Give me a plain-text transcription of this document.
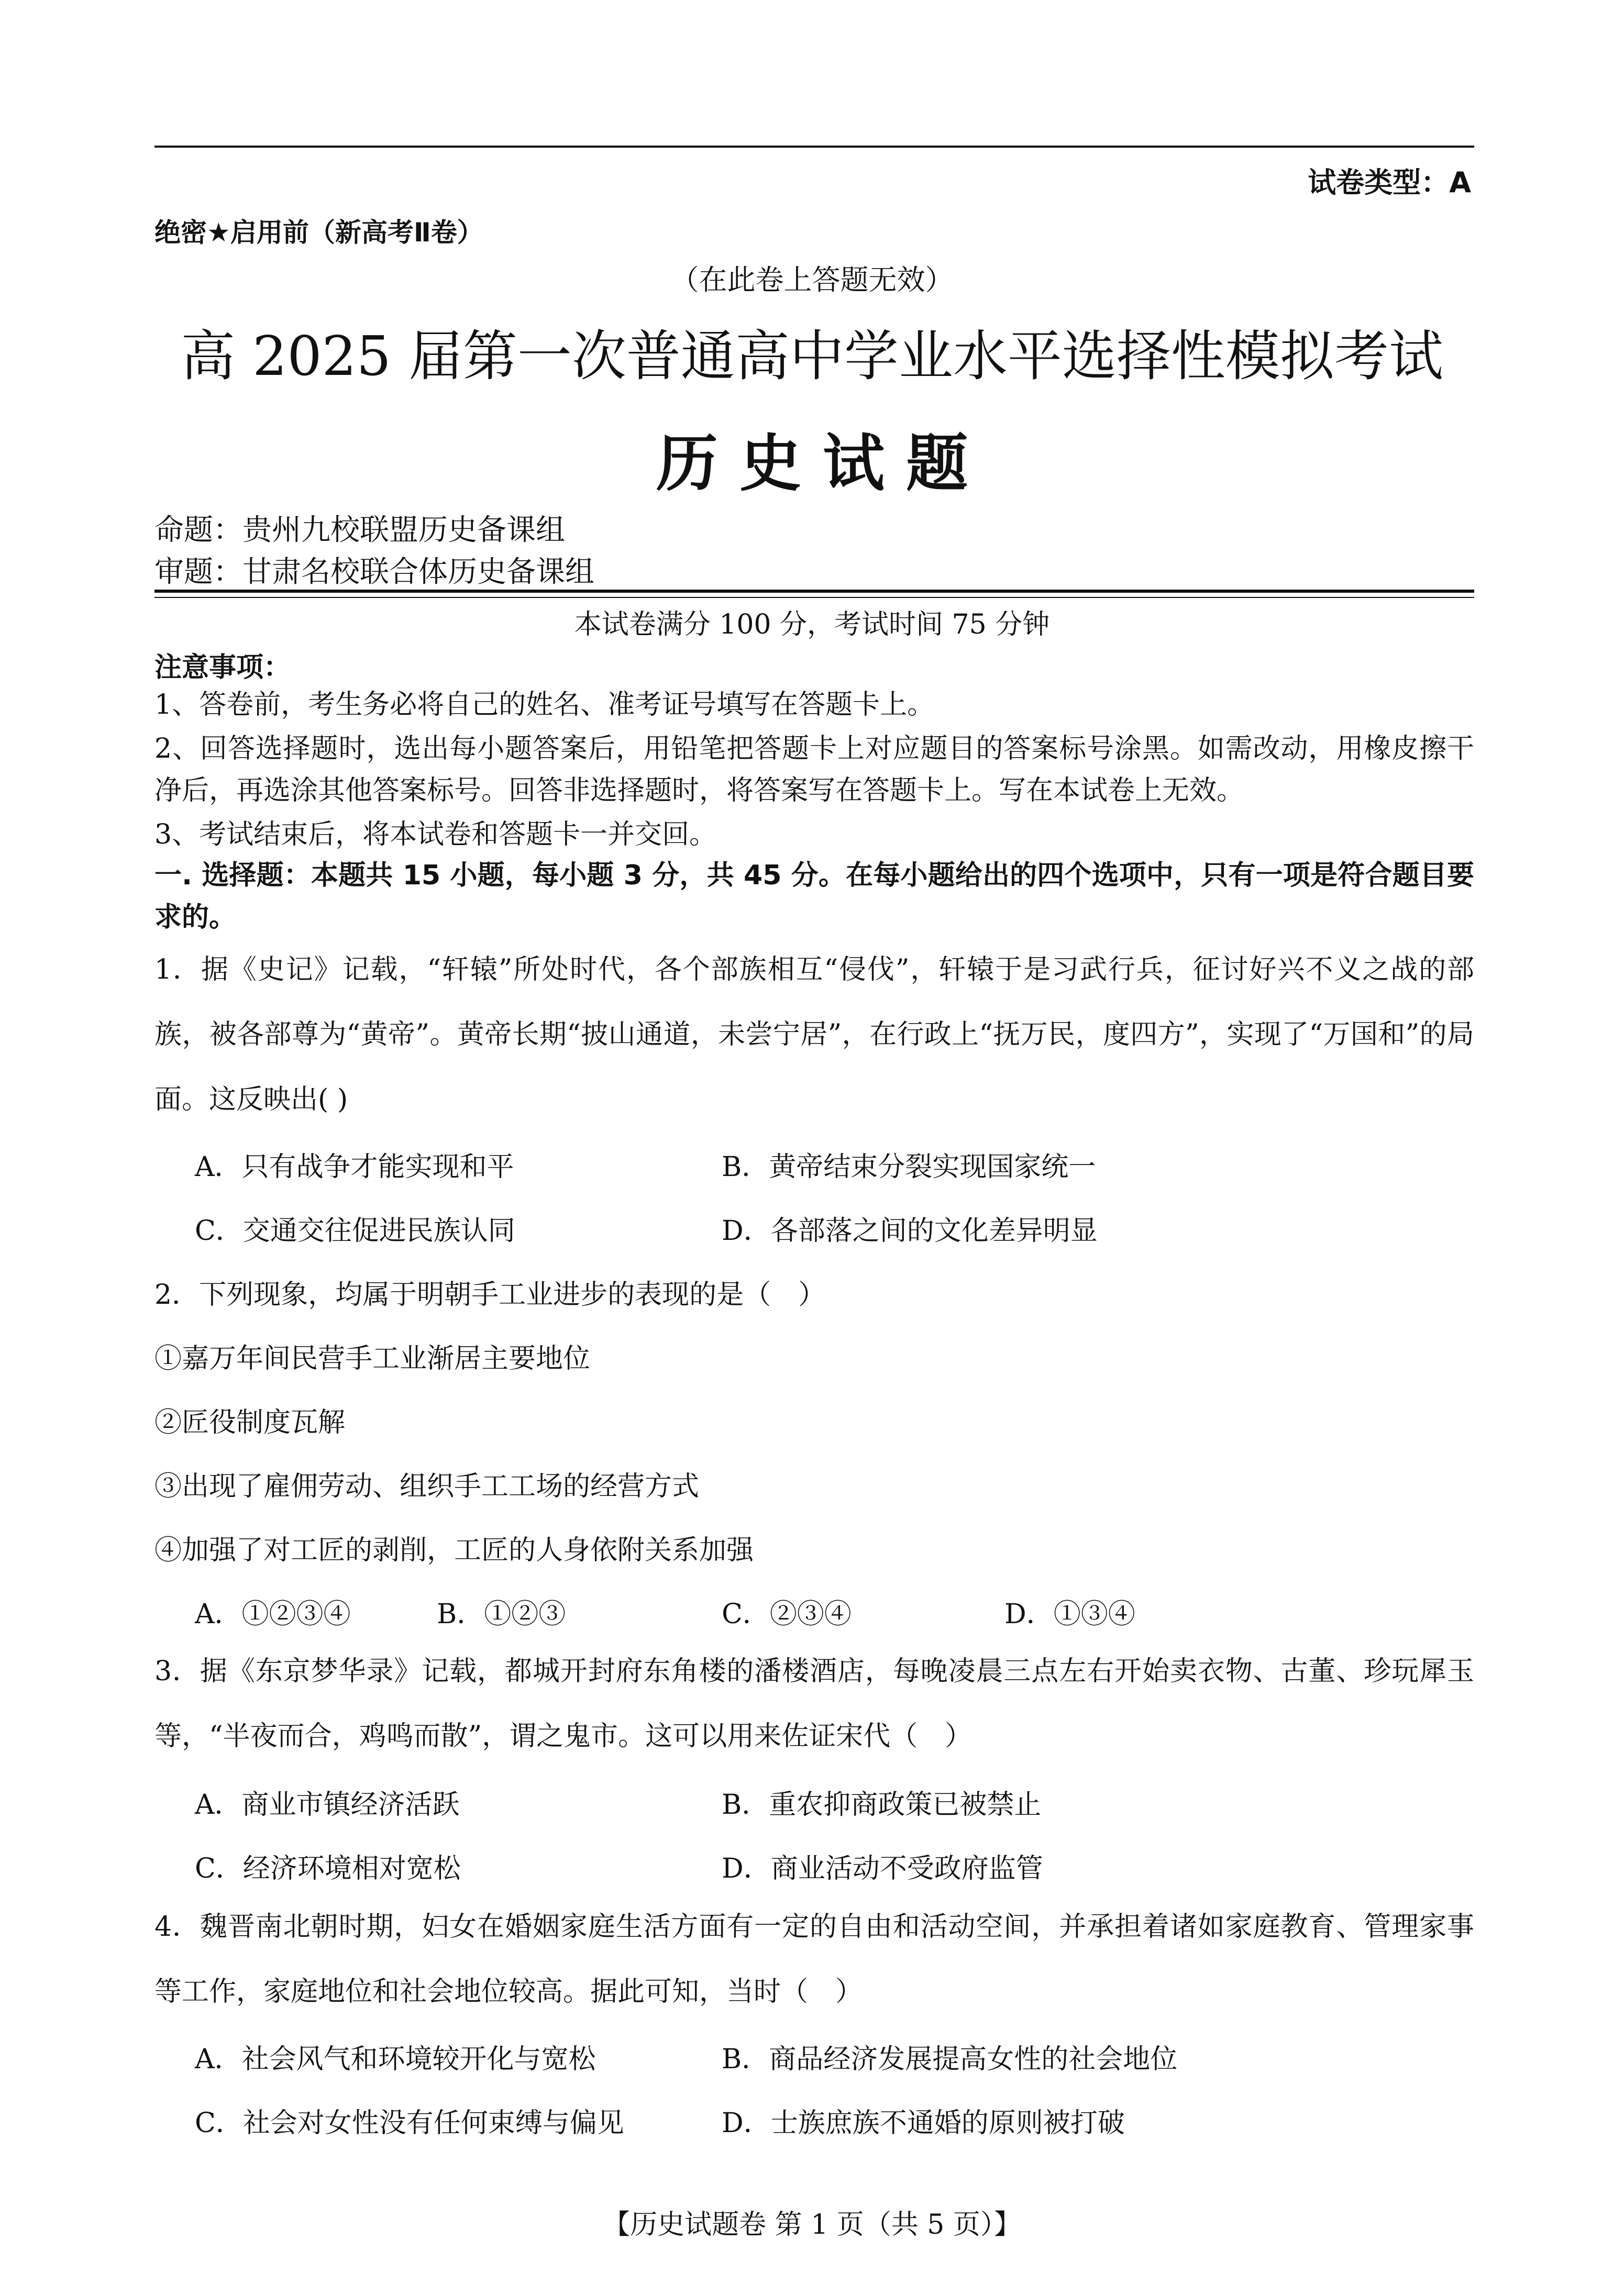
试卷类型：A
绝密★启用前（新高考Ⅱ卷）
（在此卷上答题无效）
高 2025 届第一次普通高中学业水平选择性模拟考试
历 史 试 题
命题：贵州九校联盟历史备课组
审题：甘肃名校联合体历史备课组
本试卷满分 100 分，考试时间 75 分钟
注意事项：

1、答卷前，考生务必将自己的姓名、准考证号填写在答题卡上。

2、回答选择题时，选出每小题答案后，用铅笔把答题卡上对应题目的答案标号涂黑。如需改动，用橡皮擦干净后，再选涂其他答案标号。回答非选择题时，将答案写在答题卡上。写在本试卷上无效。

3、考试结束后，将本试卷和答题卡一并交回。

一. 选择题：本题共 15 小题，每小题 3 分，共 45 分。在每小题给出的四个选项中，只有一项是符合题目要求的。

1．据《史记》记载，“轩辕”所处时代，各个部族相互“侵伐”，轩辕于是习武行兵，征讨好兴不义之战的部族，被各部尊为“黄帝”。黄帝长期“披山通道，未尝宁居”，在行政上“抚万民，度四方”，实现了“万国和”的局面。这反映出( )

A．只有战争才能实现和平	B．黄帝结束分裂实现国家统一
C．交通交往促进民族认同	D．各部落之间的文化差异明显
2．下列现象，均属于明朝手工业进步的表现的是（　）
①嘉万年间民营手工业渐居主要地位
②匠役制度瓦解
③出现了雇佣劳动、组织手工工场的经营方式
④加强了对工匠的剥削，工匠的人身依附关系加强
A．①②③④	B．①②③	C．②③④	D．①③④

3．据《东京梦华录》记载，都城开封府东角楼的潘楼酒店，每晚凌晨三点左右开始卖衣物、古董、珍玩犀玉等，“半夜而合，鸡鸣而散”，谓之鬼市。这可以用来佐证宋代（　）

A．商业市镇经济活跃	B．重农抑商政策已被禁止
C．经济环境相对宽松	D．商业活动不受政府监管

4．魏晋南北朝时期，妇女在婚姻家庭生活方面有一定的自由和活动空间，并承担着诸如家庭教育、管理家事等工作，家庭地位和社会地位较高。据此可知，当时（　）

A．社会风气和环境较开化与宽松	B．商品经济发展提高女性的社会地位
C．社会对女性没有任何束缚与偏见	D．士族庶族不通婚的原则被打破
【历史试题卷 第 1 页（共 5 页）】
